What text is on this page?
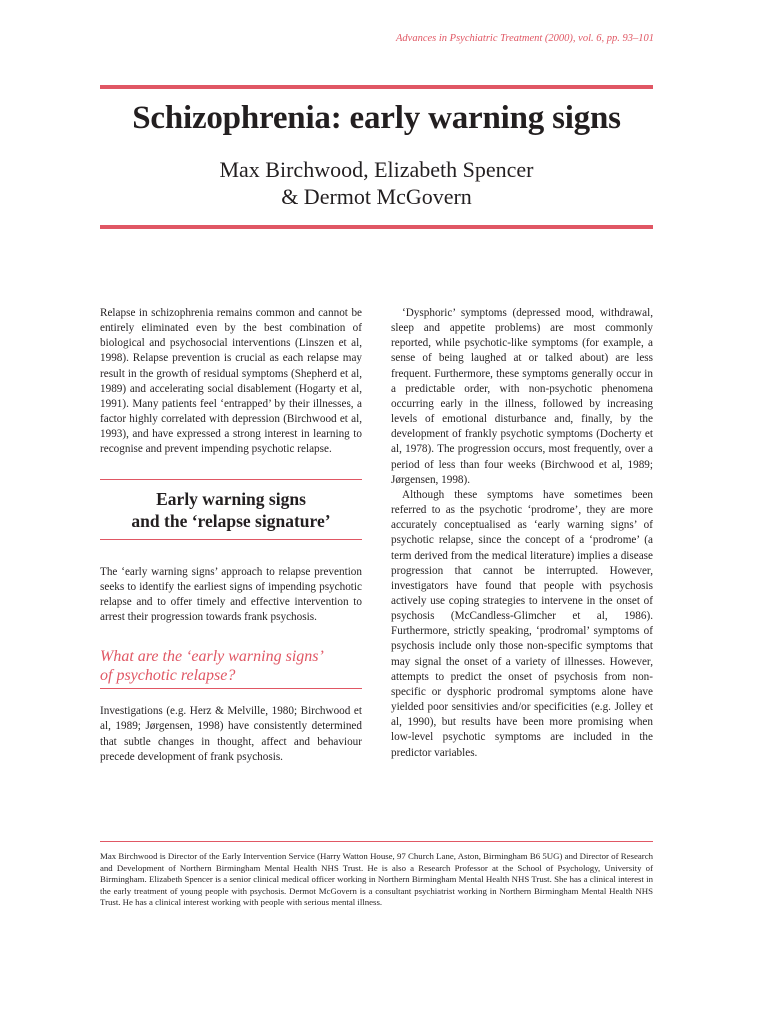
Advances in Psychiatric Treatment (2000), vol. 6, pp. 93–101
Schizophrenia: early warning signs
Max Birchwood, Elizabeth Spencer
& Dermot McGovern

Relapse in schizophrenia remains common and cannot be entirely eliminated even by the best combination of biological and psychosocial interventions (Linszen et al, 1998). Relapse prevention is crucial as each relapse may result in the growth of residual symptoms (Shepherd et al, 1989) and accelerating social disablement (Hogarty et al, 1991). Many patients feel ‘entrapped’ by their illnesses, a factor highly correlated with depression (Birchwood et al, 1993), and have expressed a strong interest in learning to recognise and prevent impending psychotic relapse.

Early warning signs
and the ‘relapse signature’

The ‘early warning signs’ approach to relapse prevention seeks to identify the earliest signs of impending psychotic relapse and to offer timely and effective intervention to arrest their progression towards frank psychosis.

What are the ‘early warning signs’
of psychotic relapse?

Investigations (e.g. Herz & Melville, 1980; Birchwood et al, 1989; Jørgensen, 1998) have consistently determined that subtle changes in thought, affect and behaviour precede development of frank psychosis.

‘Dysphoric’ symptoms (depressed mood, withdrawal, sleep and appetite problems) are most commonly reported, while psychotic-like symptoms (for example, a sense of being laughed at or talked about) are less frequent. Furthermore, these symptoms generally occur in a predictable order, with non-psychotic phenomena occurring early in the illness, followed by increasing levels of emotional disturbance and, finally, by the development of frankly psychotic symptoms (Docherty et al, 1978). The progression occurs, most frequently, over a period of less than four weeks (Birchwood et al, 1989; Jørgensen, 1998).

Although these symptoms have sometimes been referred to as the psychotic ‘prodrome’, they are more accurately conceptualised as ‘early warning signs’ of psychotic relapse, since the concept of a ‘prodrome’ (a term derived from the medical literature) implies a disease progression that cannot be interrupted. However, investigators have found that people with psychosis actively use coping strategies to intervene in the onset of psychosis (McCandless-Glimcher et al, 1986). Furthermore, strictly speaking, ‘prodromal’ symptoms of psychosis include only those non-specific symptoms that may signal the onset of a variety of illnesses. However, attempts to predict the onset of psychosis from non-specific or dysphoric prodromal symptoms alone have yielded poor sensitivies and/or specificities (e.g. Jolley et al, 1990), but results have been more promising when low-level psychotic symptoms are included in the predictor variables.

Max Birchwood is Director of the Early Intervention Service (Harry Watton House, 97 Church Lane, Aston, Birmingham B6 5UG) and Director of Research and Development of Northern Birmingham Mental Health NHS Trust. He is also a Research Professor at the School of Psychology, University of Birmingham. Elizabeth Spencer is a senior clinical medical officer working in Northern Birmingham Mental Health NHS Trust. She has a clinical interest in the early treatment of young people with psychosis. Dermot McGovern is a consultant psychiatrist working in Northern Birmingham Mental Health NHS Trust. He has a clinical interest working with people with serious mental illness.
